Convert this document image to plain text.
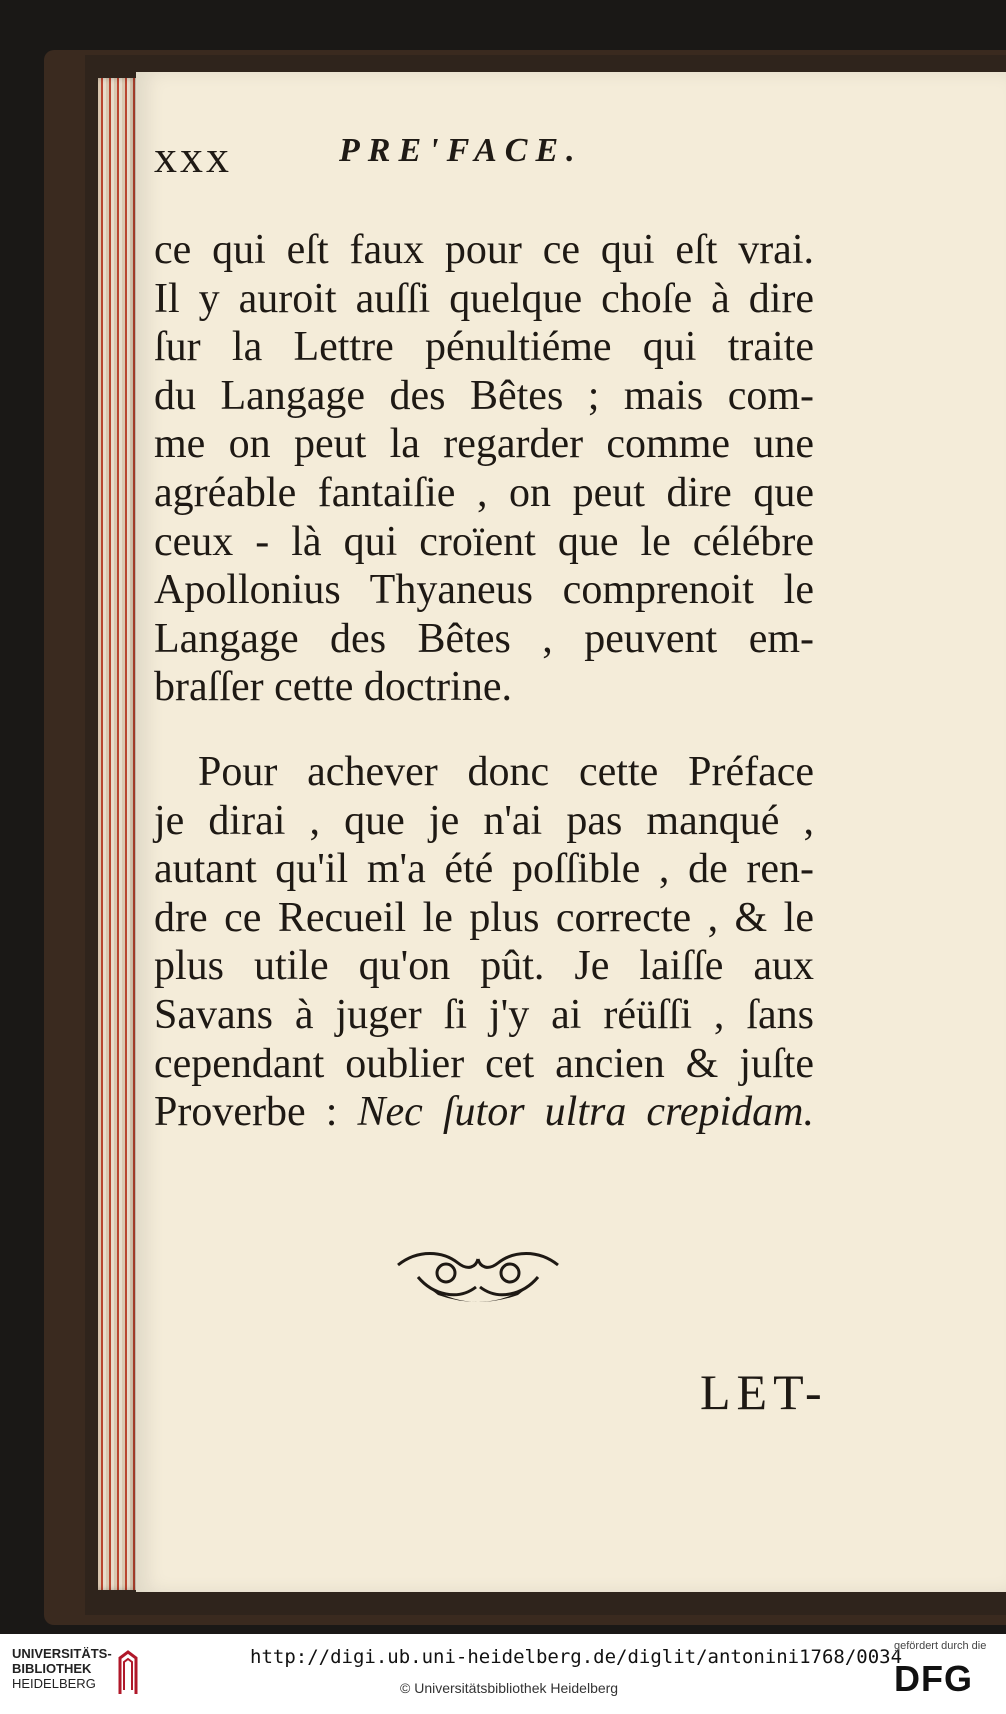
xxx	PRE'FACE.
ce qui eſt faux pour ce qui eſt vrai.
Il y auroit auſſi quelque choſe à dire
ſur la Lettre pénultiéme qui traite
du Langage des Bêtes ; mais com-
me on peut la regarder comme une
agréable fantaiſie , on peut dire que
ceux - là qui croïent que le célébre
Apollonius Thyaneus comprenoit le
Langage des Bêtes , peuvent em-
braſſer cette doctrine.
Pour achever donc cette Préface
je dirai , que je n'ai pas manqué ,
autant qu'il m'a été poſſible , de ren-
dre ce Recueil le plus correcte , & le
plus utile qu'on pût. Je laiſſe aux
Savans à juger ſi j'y ai réüſſi , ſans
cependant oublier cet ancien & juſte
Proverbe : Nec ſutor ultra crepidam.
LET-
UNIVERSITÄTS-
BIBLIOTHEK
HEIDELBERG
http://digi.ub.uni-heidelberg.de/diglit/antonini1768/0034
© Universitätsbibliothek Heidelberg
gefördert durch die
DFG
